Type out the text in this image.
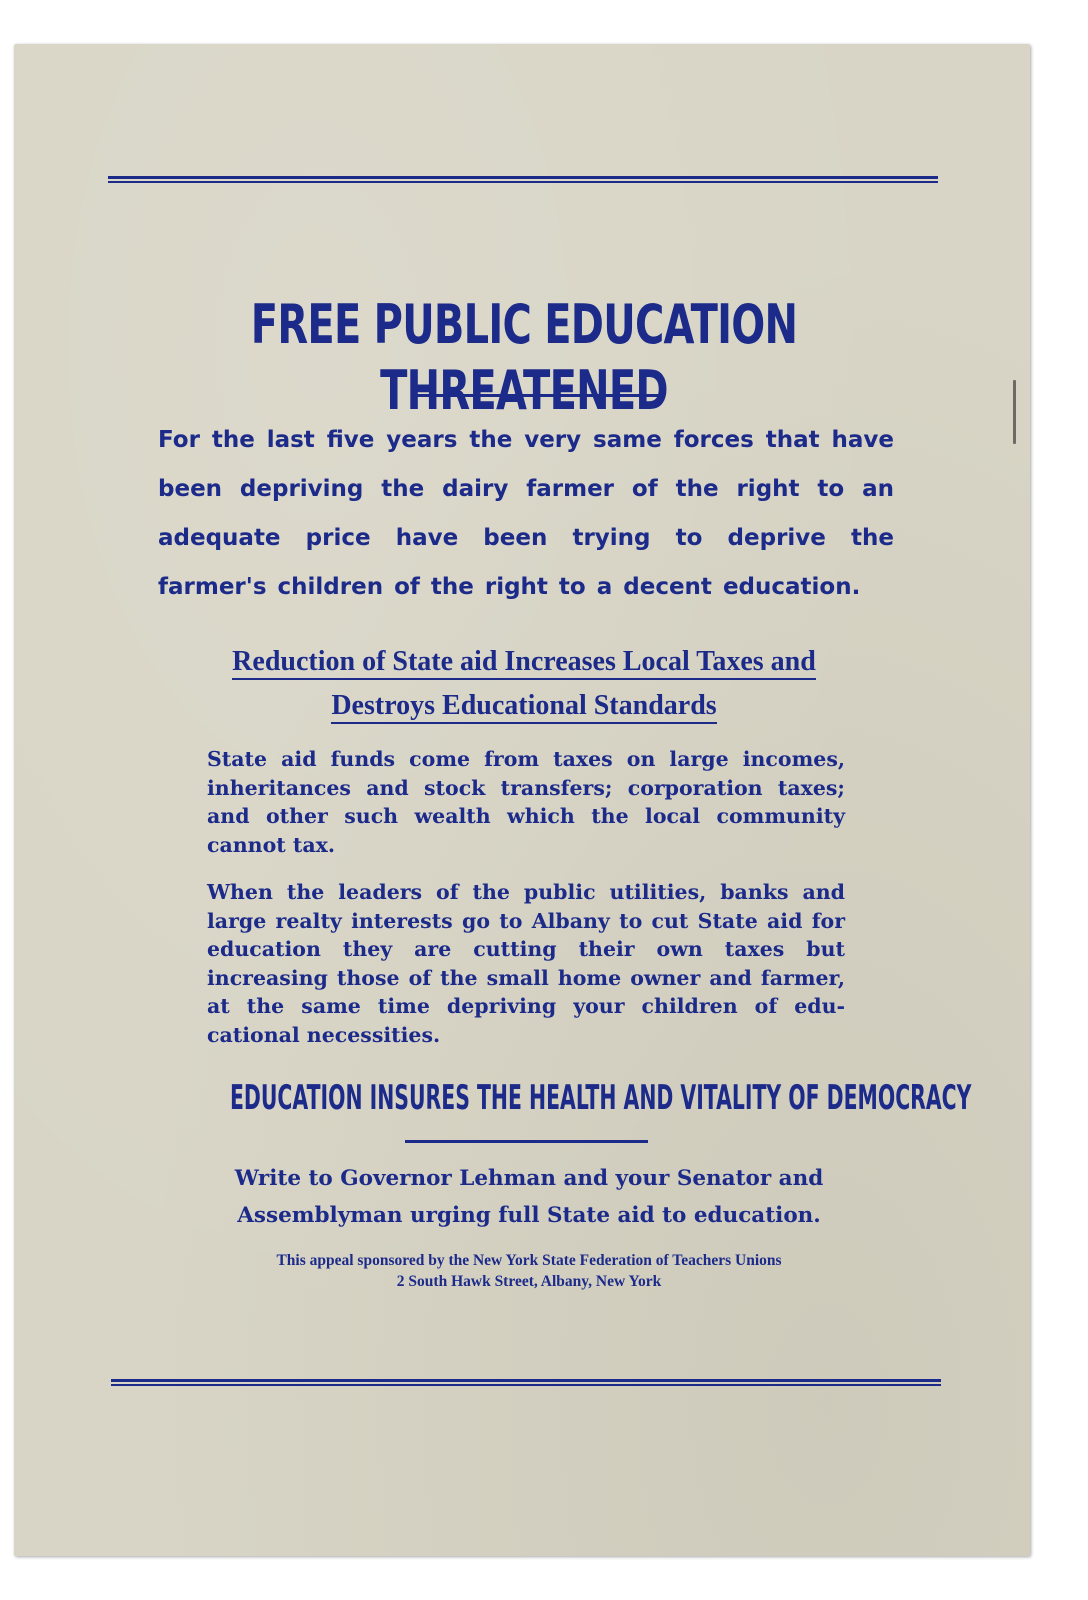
FREE PUBLIC EDUCATION THREATENED

For the last five years the very same forces that have been depriving the dairy farmer of the right to an adequate price have been trying to deprive the farmer's children of the right to a decent education.

Reduction of State aid Increases Local Taxes and
Destroys Educational Standards

State aid funds come from taxes on large incomes, inheritances and stock transfers; corporation taxes; and other such wealth which the local community cannot tax.

When the leaders of the public utilities, banks and large realty interests go to Albany to cut State aid for education they are cutting their own taxes but increasing those of the small home owner and farmer, at the same time depriving your children of edu-cational necessities.

EDUCATION INSURES THE HEALTH AND VITALITY OF DEMOCRACY

Write to Governor Lehman and your Senator and
Assemblyman urging full State aid to education.

This appeal sponsored by the New York State Federation of Teachers Unions
2 South Hawk Street, Albany, New York
